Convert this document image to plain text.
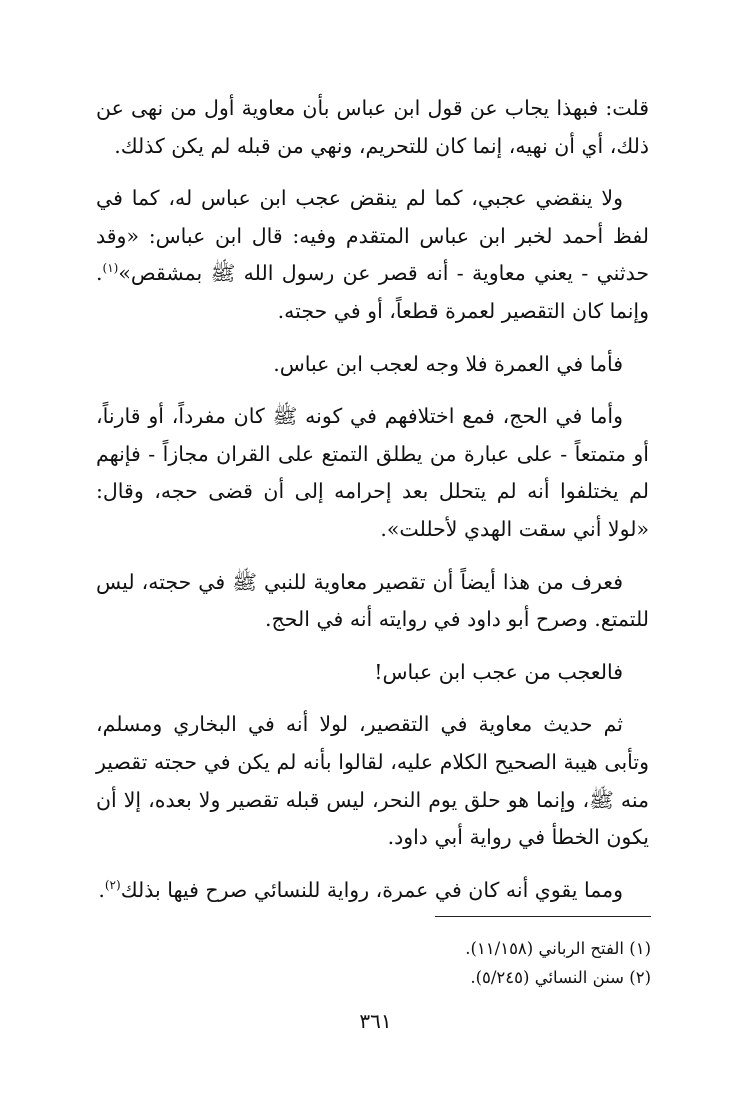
قلت: فبهذا يجاب عن قول ابن عباس بأن معاوية أول من نهى عن ذلك، أي أن نهيه، إنما كان للتحريم، ونهي من قبله لم يكن كذلك.

ولا ينقضي عجبي، كما لم ينقض عجب ابن عباس له، كما في لفظ أحمد لخبر ابن عباس المتقدم وفيه: قال ابن عباس: «وقد حدثني - يعني معاوية - أنه قصر عن رسول الله ﷺ بمشقص»$^{(١)}$. وإنما كان التقصير لعمرة قطعاً، أو في حجته.

فأما في العمرة فلا وجه لعجب ابن عباس.

وأما في الحج، فمع اختلافهم في كونه ﷺ كان مفرداً، أو قارناً، أو متمتعاً - على عبارة من يطلق التمتع على القران مجازاً - فإنهم لم يختلفوا أنه لم يتحلل بعد إحرامه إلى أن قضى حجه، وقال: «لولا أني سقت الهدي لأحللت».

فعرف من هذا أيضاً أن تقصير معاوية للنبي ﷺ في حجته، ليس للتمتع. وصرح أبو داود في روايته أنه في الحج.

فالعجب من عجب ابن عباس!

ثم حديث معاوية في التقصير، لولا أنه في البخاري ومسلم، وتأبى هيبة الصحيح الكلام عليه، لقالوا بأنه لم يكن في حجته تقصير منه ﷺ، وإنما هو حلق يوم النحر، ليس قبله تقصير ولا بعده، إلا أن يكون الخطأ في رواية أبي داود.

ومما يقوي أنه كان في عمرة، رواية للنسائي صرح فيها بذلك$^{(٢)}$.

(١) الفتح الرباني (١١/١٥٨).

(٢) سنن النسائي (٥/٢٤٥).

٣٦١
